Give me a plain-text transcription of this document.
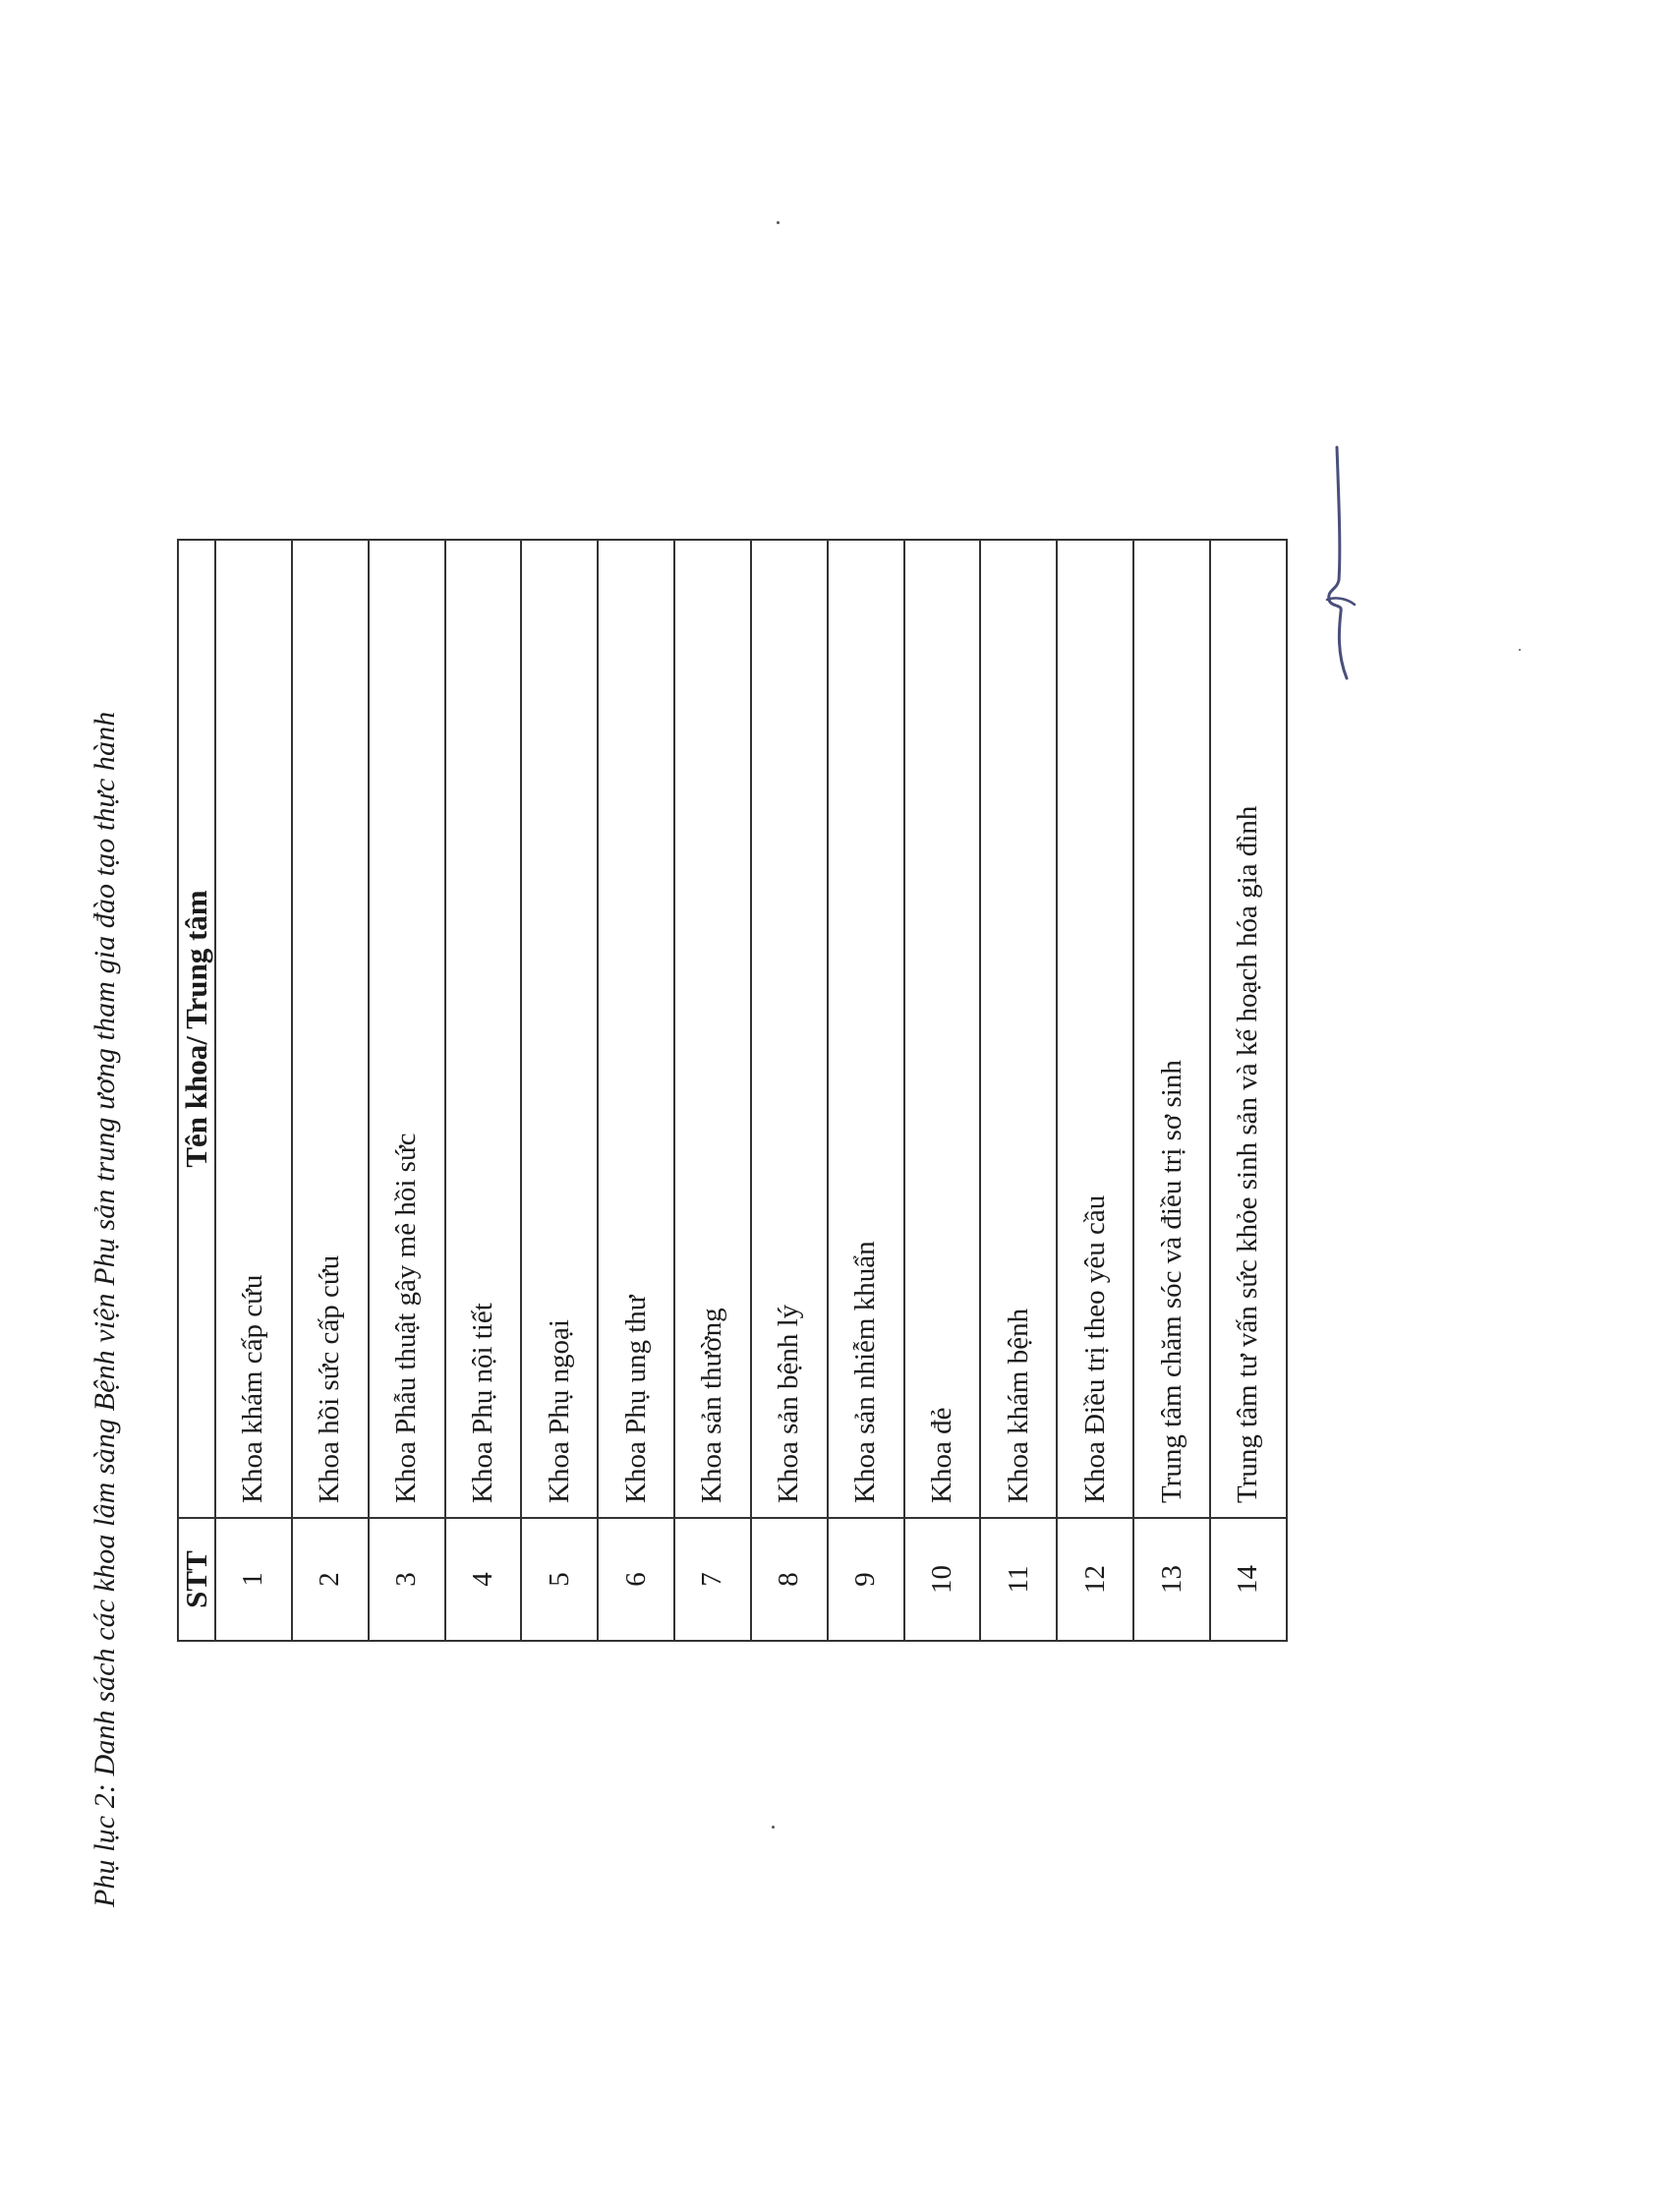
Phụ lục 2: Danh sách các khoa lâm sàng Bệnh viện Phụ sản trung ương tham gia đào tạo thực hành STT	Tên khoa/ Trung tâm
1	Khoa khám cấp cứu
2	Khoa hồi sức cấp cứu
3	Khoa Phẫu thuật gây mê hồi sức
4	Khoa Phụ nội tiết
5	Khoa Phụ ngoại
6	Khoa Phụ ung thư
7	Khoa sản thường
8	Khoa sản bệnh lý
9	Khoa sản nhiễm khuẩn
10	Khoa đẻ
11	Khoa khám bệnh
12	Khoa Điều trị theo yêu cầu
13	Trung tâm chăm sóc và điều trị sơ sinh
14	Trung tâm tư vấn sức khỏe sinh sản và kế hoạch hóa gia đình
